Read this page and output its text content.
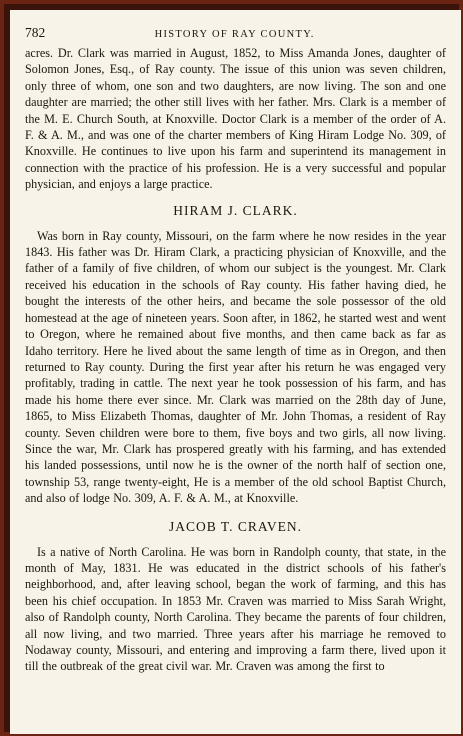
782	HISTORY OF RAY COUNTY.

acres. Dr. Clark was married in August, 1852, to Miss Amanda Jones, daughter of Solomon Jones, Esq., of Ray county. The issue of this union was seven children, only three of whom, one son and two daughters, are now living. The son and one daughter are married; the other still lives with her father. Mrs. Clark is a member of the M. E. Church South, at Knoxville. Doctor Clark is a member of the order of A. F. & A. M., and was one of the charter members of King Hiram Lodge No. 309, of Knoxville. He continues to live upon his farm and superintend its management in connection with the practice of his profession. He is a very successful and popular physician, and enjoys a large practice.

HIRAM J. CLARK.

Was born in Ray county, Missouri, on the farm where he now resides in the year 1843. His father was Dr. Hiram Clark, a practicing physician of Knoxville, and the father of a family of five children, of whom our subject is the youngest. Mr. Clark received his education in the schools of Ray county. His father having died, he bought the interests of the other heirs, and became the sole possessor of the old homestead at the age of nineteen years. Soon after, in 1862, he started west and went to Oregon, where he remained about five months, and then came back as far as Idaho territory. Here he lived about the same length of time as in Oregon, and then returned to Ray county. During the first year after his return he was engaged very profitably, trading in cattle. The next year he took possession of his farm, and has made his home there ever since. Mr. Clark was married on the 28th day of June, 1865, to Miss Elizabeth Thomas, daughter of Mr. John Thomas, a resident of Ray county. Seven children were bore to them, five boys and two girls, all now living. Since the war, Mr. Clark has prospered greatly with his farming, and has extended his landed possessions, until now he is the owner of the north half of section one, township 53, range twenty-eight, He is a member of the old school Baptist Church, and also of lodge No. 309, A. F. & A. M., at Knoxville.

JACOB T. CRAVEN.

Is a native of North Carolina. He was born in Randolph county, that state, in the month of May, 1831. He was educated in the district schools of his father's neighborhood, and, after leaving school, began the work of farming, and this has been his chief occupation. In 1853 Mr. Craven was married to Miss Sarah Wright, also of Randolph county, North Carolina. They became the parents of four children, all now living, and two married. Three years after his marriage he removed to Nodaway county, Missouri, and entering and improving a farm there, lived upon it till the outbreak of the great civil war. Mr. Craven was among the first to
